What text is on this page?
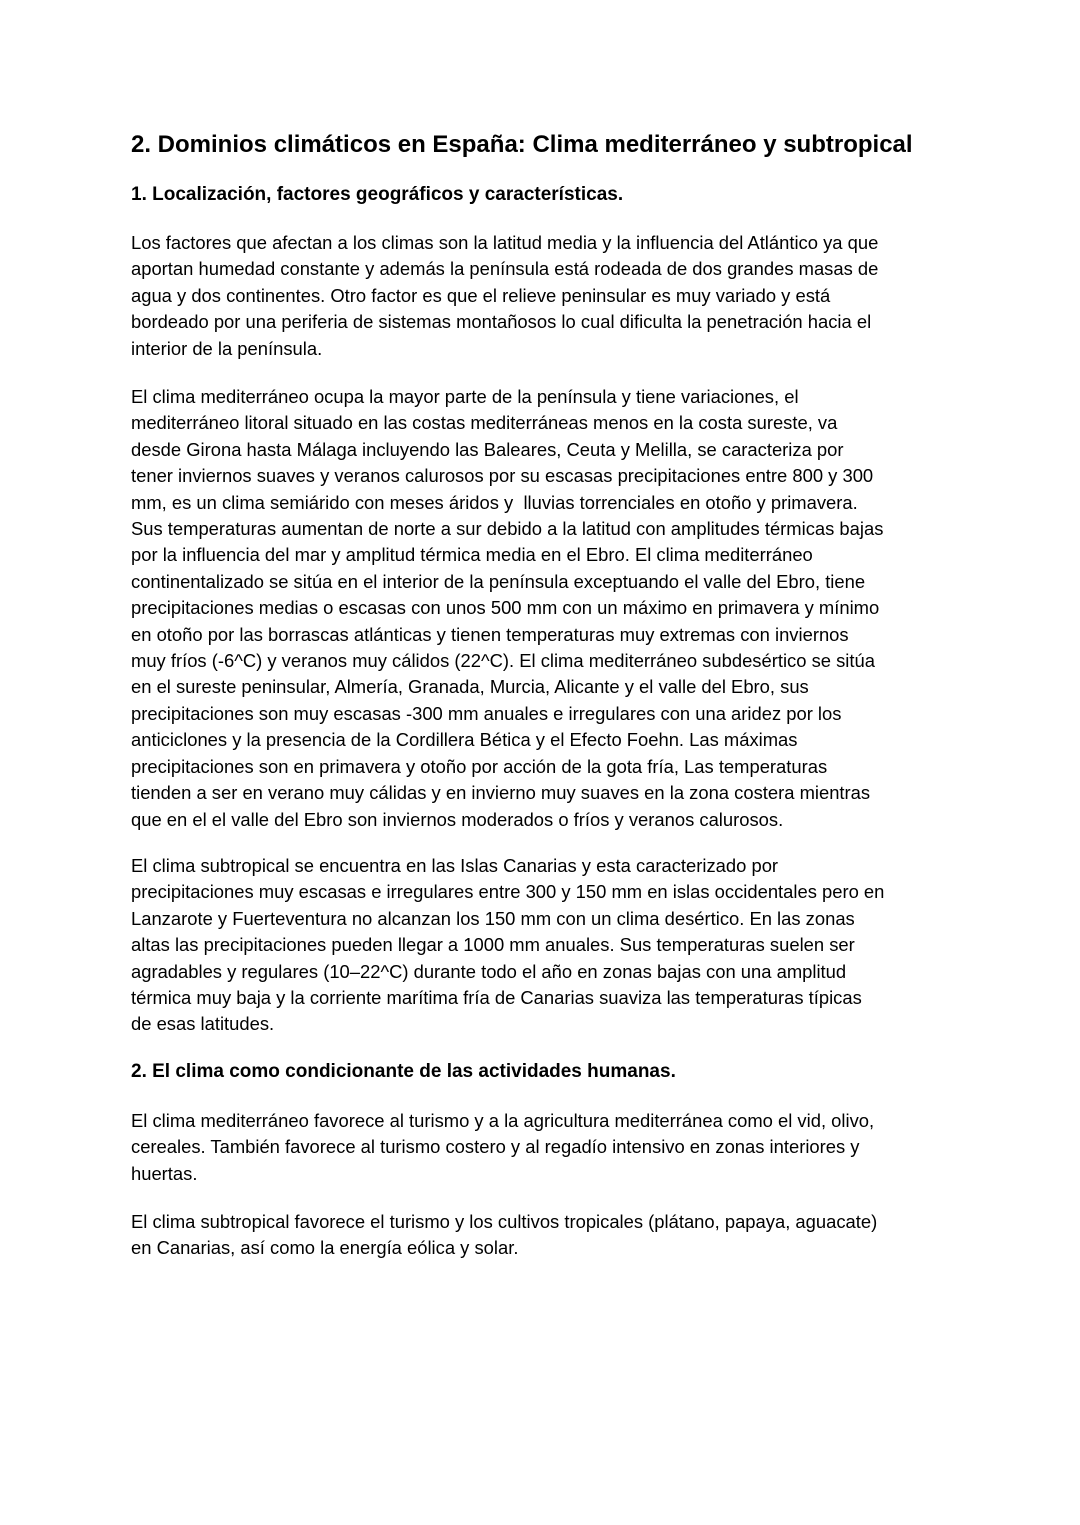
2. Dominios climáticos en España: Clima mediterráneo y subtropical
1. Localización, factores geográficos y características.
Los factores que afectan a los climas son la latitud media y la influencia del Atlántico ya que
aportan humedad constante y además la península está rodeada de dos grandes masas de
agua y dos continentes. Otro factor es que el relieve peninsular es muy variado y está
bordeado por una periferia de sistemas montañosos lo cual dificulta la penetración hacia el
interior de la península.
El clima mediterráneo ocupa la mayor parte de la península y tiene variaciones, el
mediterráneo litoral situado en las costas mediterráneas menos en la costa sureste, va
desde Girona hasta Málaga incluyendo las Baleares, Ceuta y Melilla, se caracteriza por
tener inviernos suaves y veranos calurosos por su escasas precipitaciones entre 800 y 300
mm, es un clima semiárido con meses áridos y  lluvias torrenciales en otoño y primavera.
Sus temperaturas aumentan de norte a sur debido a la latitud con amplitudes térmicas bajas
por la influencia del mar y amplitud térmica media en el Ebro. El clima mediterráneo
continentalizado se sitúa en el interior de la península exceptuando el valle del Ebro, tiene
precipitaciones medias o escasas con unos 500 mm con un máximo en primavera y mínimo
en otoño por las borrascas atlánticas y tienen temperaturas muy extremas con inviernos
muy fríos (-6^C) y veranos muy cálidos (22^C). El clima mediterráneo subdesértico se sitúa
en el sureste peninsular, Almería, Granada, Murcia, Alicante y el valle del Ebro, sus
precipitaciones son muy escasas -300 mm anuales e irregulares con una aridez por los
anticiclones y la presencia de la Cordillera Bética y el Efecto Foehn. Las máximas
precipitaciones son en primavera y otoño por acción de la gota fría, Las temperaturas
tienden a ser en verano muy cálidas y en invierno muy suaves en la zona costera mientras
que en el el valle del Ebro son inviernos moderados o fríos y veranos calurosos.
El clima subtropical se encuentra en las Islas Canarias y esta caracterizado por
precipitaciones muy escasas e irregulares entre 300 y 150 mm en islas occidentales pero en
Lanzarote y Fuerteventura no alcanzan los 150 mm con un clima desértico. En las zonas
altas las precipitaciones pueden llegar a 1000 mm anuales. Sus temperaturas suelen ser
agradables y regulares (10–22^C) durante todo el año en zonas bajas con una amplitud
térmica muy baja y la corriente marítima fría de Canarias suaviza las temperaturas típicas
de esas latitudes.
2. El clima como condicionante de las actividades humanas.
El clima mediterráneo favorece al turismo y a la agricultura mediterránea como el vid, olivo,
cereales. También favorece al turismo costero y al regadío intensivo en zonas interiores y
huertas.
El clima subtropical favorece el turismo y los cultivos tropicales (plátano, papaya, aguacate)
en Canarias, así como la energía eólica y solar.
